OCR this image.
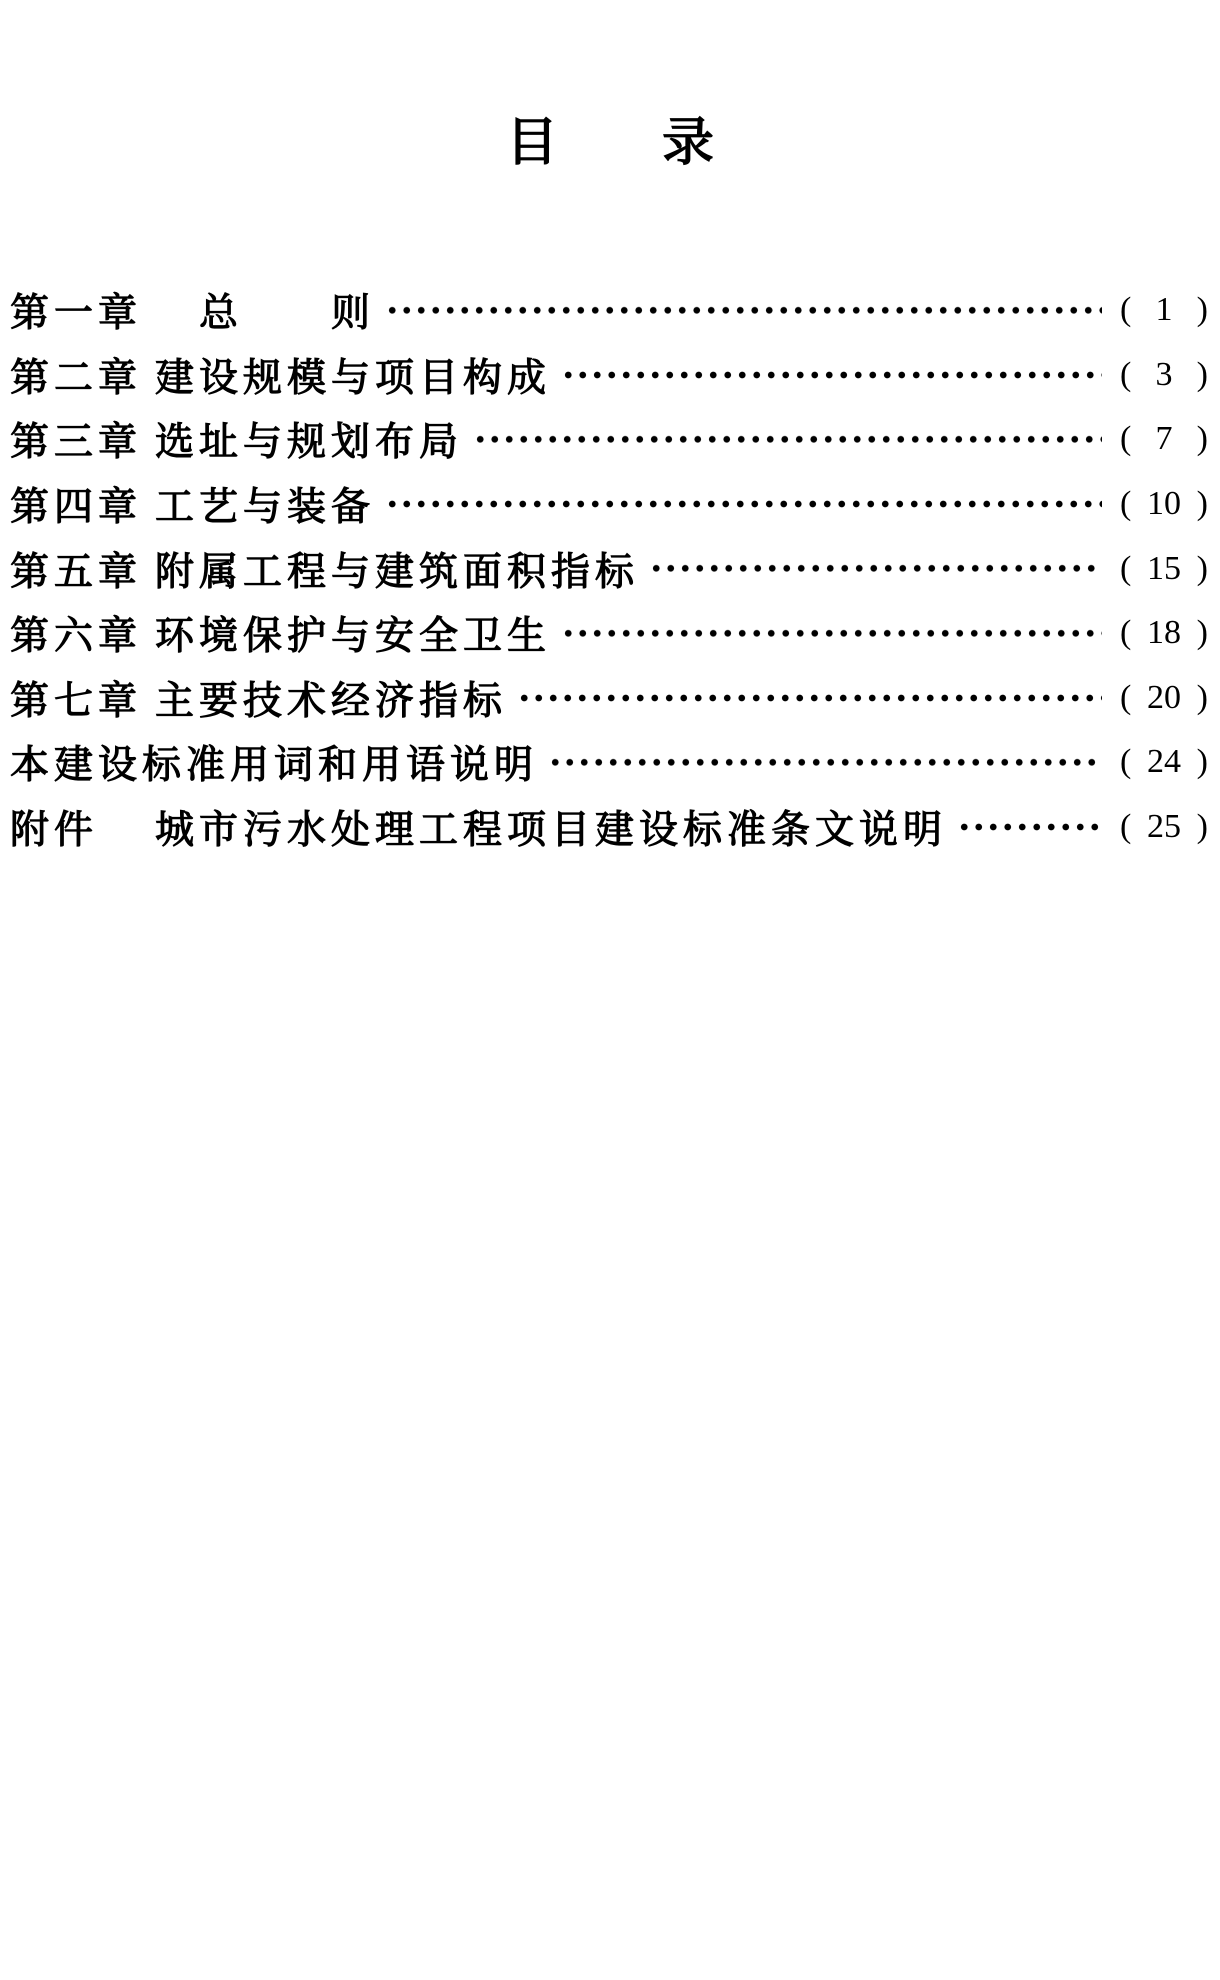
目　　录
第一章 　总　　则	( 1 )
第二章 建设规模与项目构成	( 3 )
第三章 选址与规划布局	( 7 )
第四章 工艺与装备	( 10 )
第五章 附属工程与建筑面积指标	( 15 )
第六章 环境保护与安全卫生	( 18 )
第七章 主要技术经济指标	( 20 )
本建设标准用词和用语说明	( 24 )
附件	城市污水处理工程项目建设标准条文说明	( 25 )
